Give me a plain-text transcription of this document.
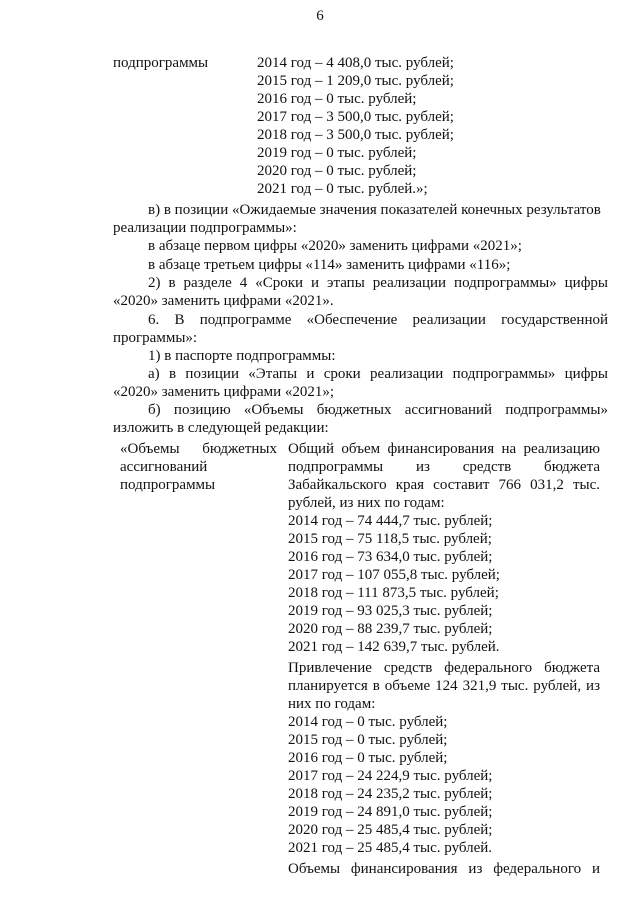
6
подпрограммы	2014 год – 4 408,0 тыс. рублей;
2015 год – 1 209,0 тыс. рублей;
2016 год – 0 тыс. рублей;
2017 год – 3 500,0 тыс. рублей;
2018 год – 3 500,0 тыс. рублей;
2019 год – 0 тыс. рублей;
2020 год – 0 тыс. рублей;
2021 год – 0 тыс. рублей.»;
в) в позиции «Ожидаемые значения показателей конечных результатов
реализации подпрограммы»:
в абзаце первом цифры «2020» заменить цифрами «2021»;
в абзаце третьем цифры «114» заменить цифрами «116»;
2) в разделе 4 «Сроки и этапы реализации подпрограммы» цифры
«2020» заменить цифрами «2021».
6. В подпрограмме «Обеспечение реализации государственной
программы»:
1) в паспорте подпрограммы:
а) в позиции «Этапы и сроки реализации подпрограммы» цифры
«2020» заменить цифрами «2021»;
б) позицию «Объемы бюджетных ассигнований подпрограммы»
изложить в следующей редакции:
«Объемы бюджетных
ассигнований
подпрограммы
Общий объем финансирования на реализацию
подпрограммы из средств бюджета
Забайкальского края составит 766 031,2 тыс.
рублей, из них по годам:
2014 год – 74 444,7 тыс. рублей;
2015 год – 75 118,5 тыс. рублей;
2016 год – 73 634,0 тыс. рублей;
2017 год – 107 055,8 тыс. рублей;
2018 год – 111 873,5 тыс. рублей;
2019 год – 93 025,3 тыс. рублей;
2020 год – 88 239,7 тыс. рублей;
2021 год – 142 639,7 тыс. рублей.
Привлечение средств федерального бюджета
планируется в объеме 124 321,9 тыс. рублей, из
них по годам:
2014 год – 0 тыс. рублей;
2015 год – 0 тыс. рублей;
2016 год – 0 тыс. рублей;
2017 год – 24 224,9 тыс. рублей;
2018 год – 24 235,2 тыс. рублей;
2019 год – 24 891,0 тыс. рублей;
2020 год – 25 485,4 тыс. рублей;
2021 год – 25 485,4 тыс. рублей.
Объемы финансирования из федерального и
